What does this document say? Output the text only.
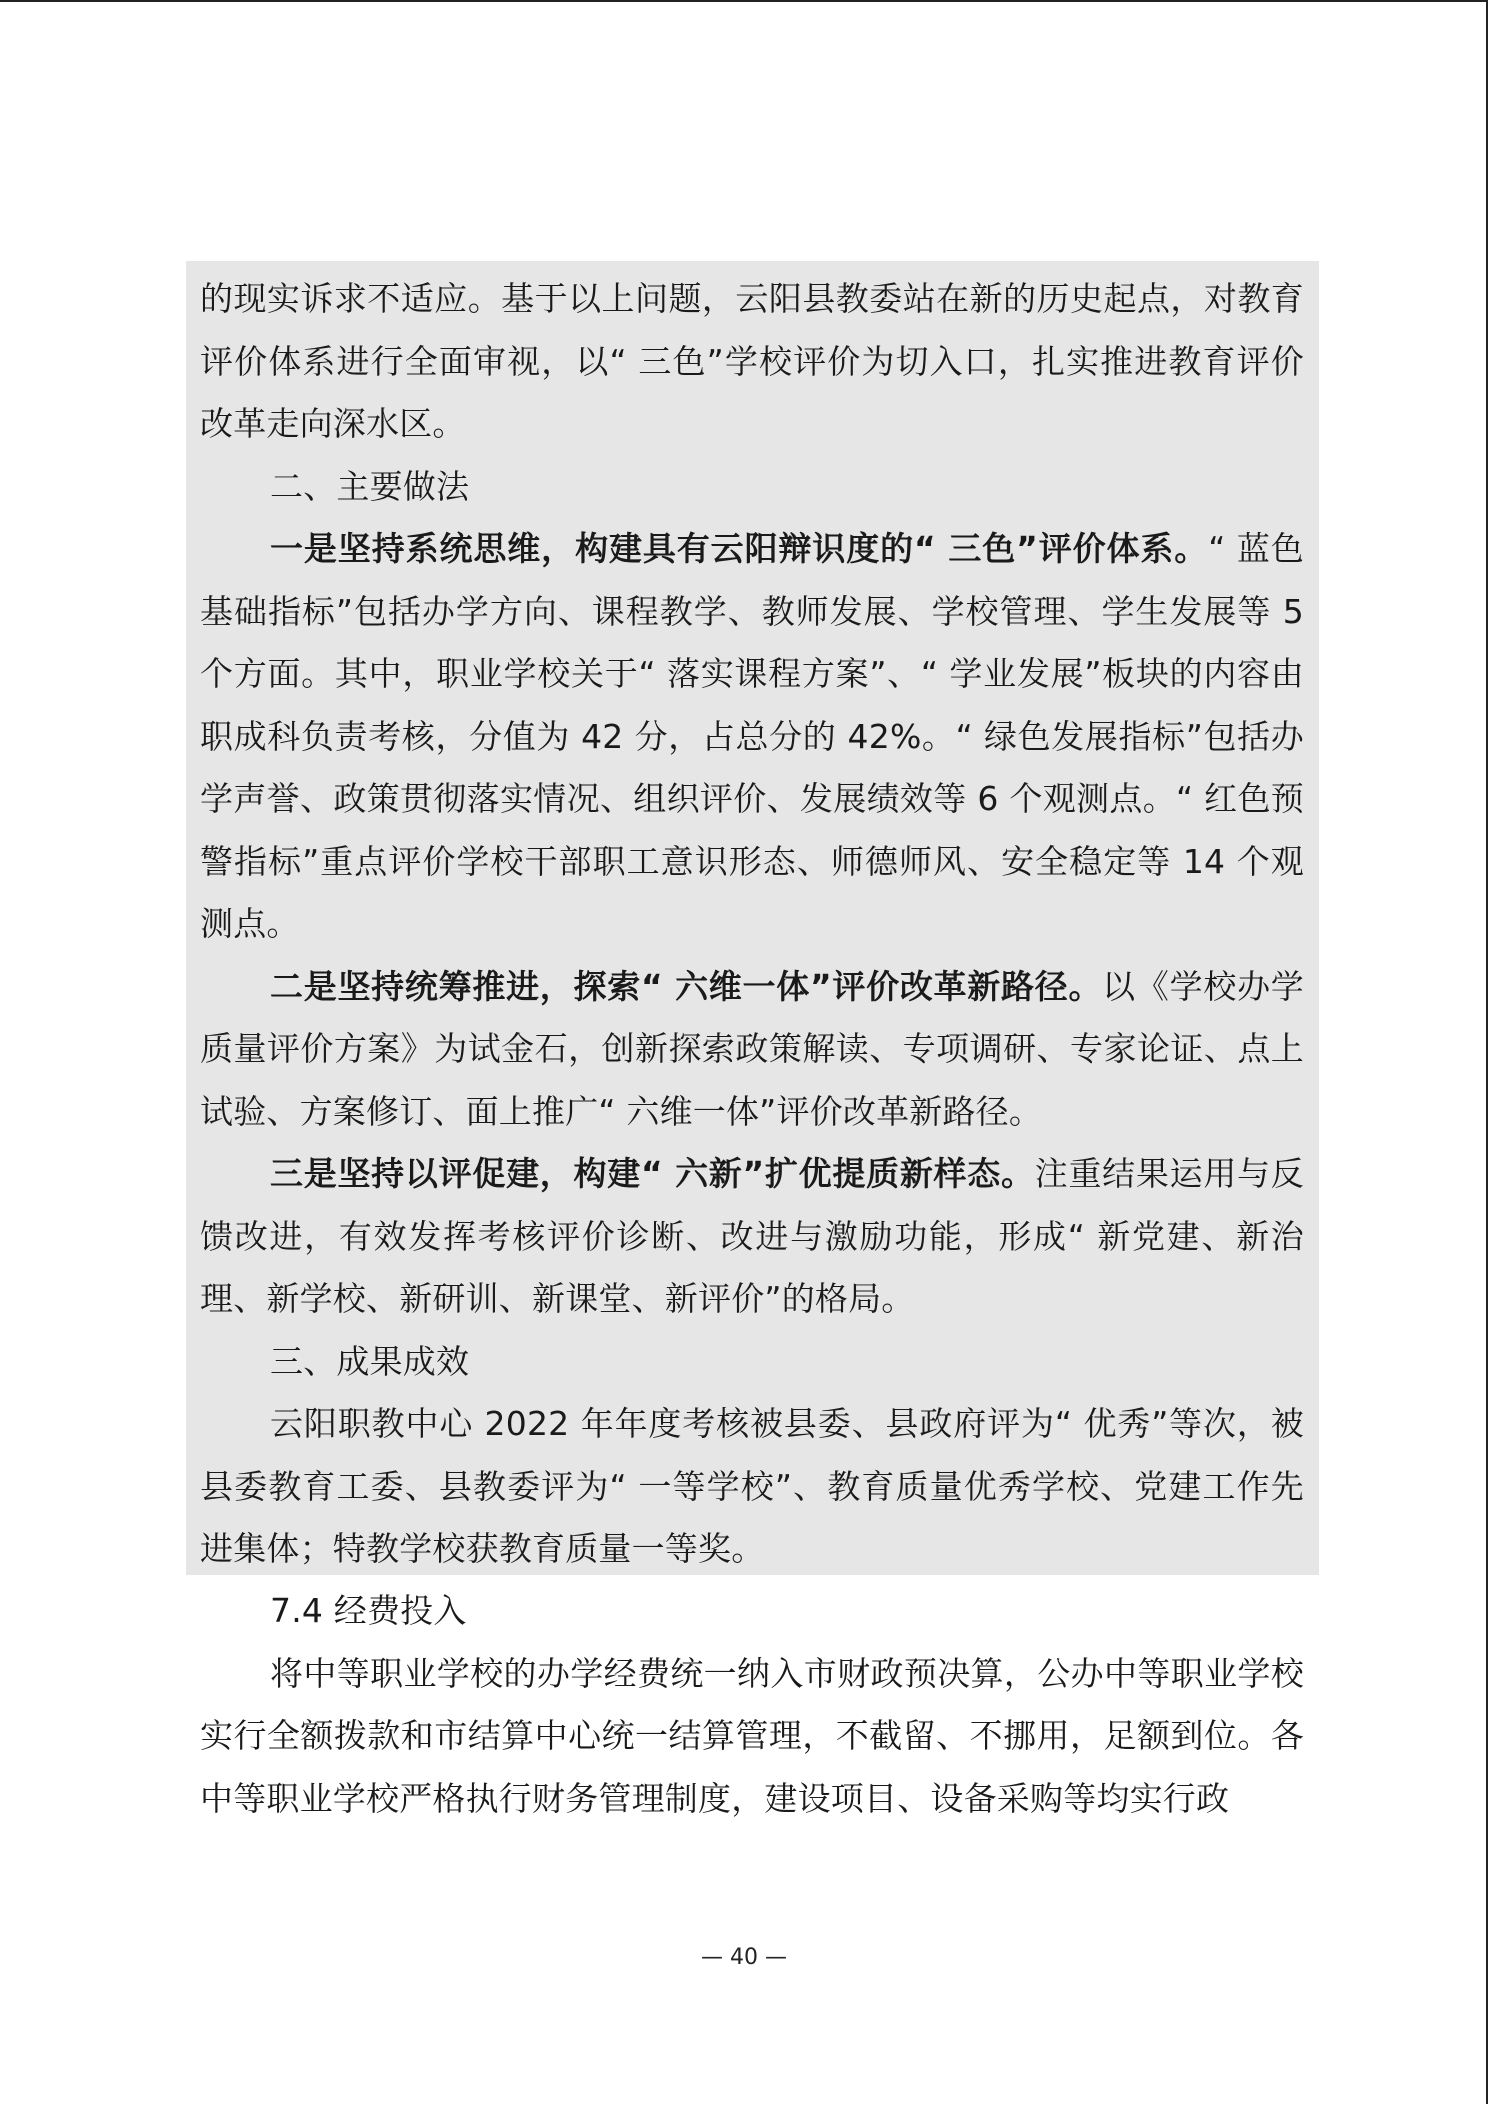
的现实诉求不适应。基于以上问题，云阳县教委站在新的历史起点，对教育评价体系进行全面审视，以“ 三色”学校评价为切入口，扎实推进教育评价改革走向深水区。

二、主要做法

一是坚持系统思维，构建具有云阳辩识度的“ 三色”评价体系。“ 蓝色基础指标”包括办学方向、课程教学、教师发展、学校管理、学生发展等 5 个方面。其中，职业学校关于“ 落实课程方案”、“ 学业发展”板块的内容由职成科负责考核，分值为 42 分，占总分的 42%。“ 绿色发展指标”包括办学声誉、政策贯彻落实情况、组织评价、发展绩效等 6 个观测点。“ 红色预警指标”重点评价学校干部职工意识形态、师德师风、安全稳定等 14 个观测点。

二是坚持统筹推进，探索“ 六维一体”评价改革新路径。以《学校办学质量评价方案》为试金石，创新探索政策解读、专项调研、专家论证、点上试验、方案修订、面上推广“ 六维一体”评价改革新路径。

三是坚持以评促建，构建“ 六新”扩优提质新样态。注重结果运用与反馈改进，有效发挥考核评价诊断、改进与激励功能，形成“ 新党建、新治理、新学校、新研训、新课堂、新评价”的格局。

三、成果成效

云阳职教中心 2022 年年度考核被县委、县政府评为“ 优秀”等次，被县委教育工委、县教委评为“ 一等学校”、教育质量优秀学校、党建工作先进集体；特教学校获教育质量一等奖。

7.4 经费投入

将中等职业学校的办学经费统一纳入市财政预决算，公办中等职业学校实行全额拨款和市结算中心统一结算管理，不截留、不挪用，足额到位。各中等职业学校严格执行财务管理制度，建设项目、设备采购等均实行政

— 40 —
